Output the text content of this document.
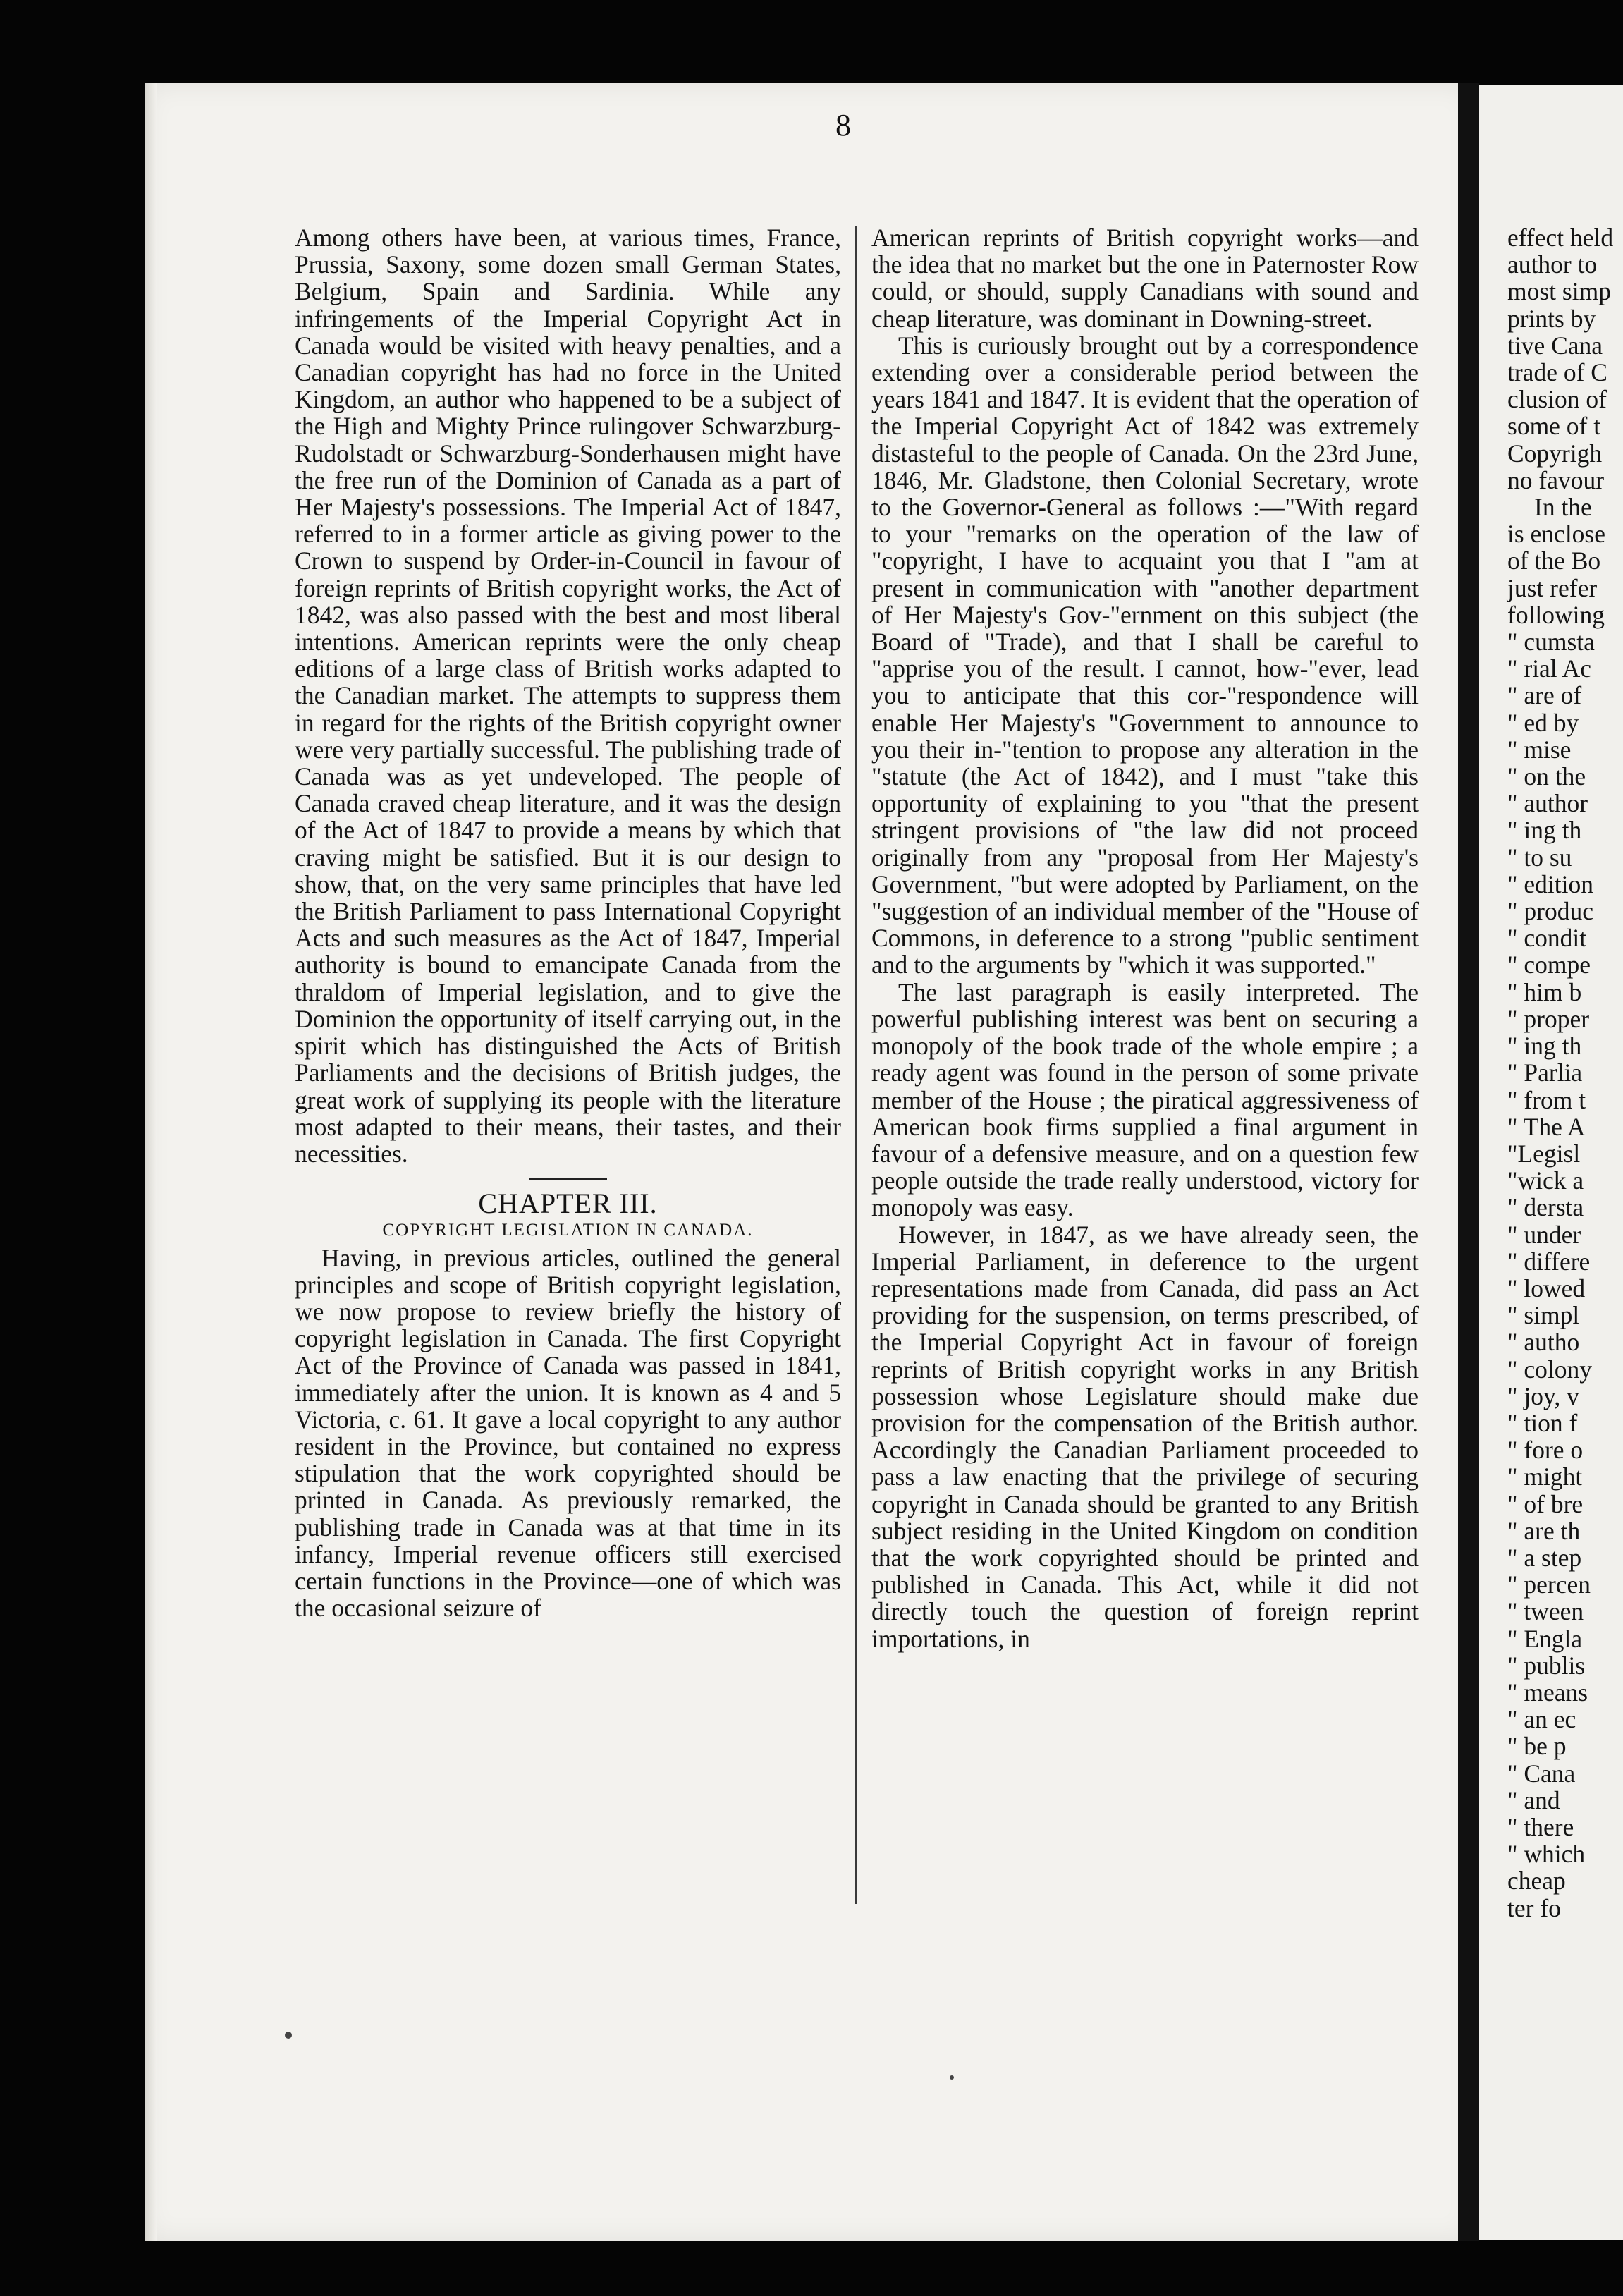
8

Among others have been, at various times, France, Prussia, Saxony, some dozen small German States, Belgium, Spain and Sardinia. While any infringements of the Imperial Copyright Act in Canada would be visited with heavy penalties, and a Canadian copyright has had no force in the United Kingdom, an author who happened to be a subject of the High and Mighty Prince rulingover Schwarzburg-Rudolstadt or Schwarzburg-Sonderhausen might have the free run of the Dominion of Canada as a part of Her Majesty's possessions. The Imperial Act of 1847, referred to in a former article as giving power to the Crown to suspend by Order-in-Council in favour of foreign reprints of British copyright works, the Act of 1842, was also passed with the best and most liberal intentions. American reprints were the only cheap editions of a large class of British works adapted to the Canadian market. The attempts to suppress them in regard for the rights of the British copyright owner were very partially successful. The publishing trade of Canada was as yet undeveloped. The people of Canada craved cheap literature, and it was the design of the Act of 1847 to provide a means by which that craving might be satisfied. But it is our design to show, that, on the very same principles that have led the British Parliament to pass International Copyright Acts and such measures as the Act of 1847, Imperial authority is bound to emancipate Canada from the thraldom of Imperial legislation, and to give the Dominion the opportunity of itself carrying out, in the spirit which has distinguished the Acts of British Parliaments and the decisions of British judges, the great work of supplying its people with the literature most adapted to their means, their tastes, and their necessities.

CHAPTER III.

COPYRIGHT LEGISLATION IN CANADA.

Having, in previous articles, outlined the general principles and scope of British copyright legislation, we now propose to review briefly the history of copyright legislation in Canada. The first Copyright Act of the Province of Canada was passed in 1841, immediately after the union. It is known as 4 and 5 Victoria, c. 61. It gave a local copyright to any author resident in the Province, but contained no express stipulation that the work copyrighted should be printed in Canada. As previously remarked, the publishing trade in Canada was at that time in its infancy, Imperial revenue officers still exercised certain functions in the Province—one of which was the occasional seizure of

American reprints of British copyright works—and the idea that no market but the one in Paternoster Row could, or should, supply Canadians with sound and cheap literature, was dominant in Downing-street.

This is curiously brought out by a correspondence extending over a considerable period between the years 1841 and 1847. It is evident that the operation of the Imperial Copyright Act of 1842 was extremely distasteful to the people of Canada. On the 23rd June, 1846, Mr. Gladstone, then Colonial Secretary, wrote to the Governor-General as follows :—"With regard to your "remarks on the operation of the law of "copyright, I have to acquaint you that I "am at present in communication with "another department of Her Majesty's Gov-"ernment on this subject (the Board of "Trade), and that I shall be careful to "apprise you of the result. I cannot, how-"ever, lead you to anticipate that this cor-"respondence will enable Her Majesty's "Government to announce to you their in-"tention to propose any alteration in the "statute (the Act of 1842), and I must "take this opportunity of explaining to you "that the present stringent provisions of "the law did not proceed originally from any "proposal from Her Majesty's Government, "but were adopted by Parliament, on the "suggestion of an individual member of the "House of Commons, in deference to a strong "public sentiment and to the arguments by "which it was supported."

The last paragraph is easily interpreted. The powerful publishing interest was bent on securing a monopoly of the book trade of the whole empire ; a ready agent was found in the person of some private member of the House ; the piratical aggressiveness of American book firms supplied a final argument in favour of a defensive measure, and on a question few people outside the trade really understood, victory for monopoly was easy.

However, in 1847, as we have already seen, the Imperial Parliament, in deference to the urgent representations made from Canada, did pass an Act providing for the suspension, on terms prescribed, of the Imperial Copyright Act in favour of foreign reprints of British copyright works in any British possession whose Legislature should make due provision for the compensation of the British author. Accordingly the Canadian Parliament proceeded to pass a law enacting that the privilege of securing copyright in Canada should be granted to any British subject residing in the United Kingdom on condition that the work copyrighted should be printed and published in Canada. This Act, while it did not directly touch the question of foreign reprint importations, in

effect held
author to
most simp
prints by
tive Cana
trade of C
clusion of
some of t
Copyrigh
no favour
In the
is enclose
of the Bo
just refer
following
" cumsta
" rial Ac
" are of
" ed by
" mise
" on the
" author
" ing th
" to su
" edition
" produc
" condit
" compe
" him b
" proper
" ing th
" Parlia
" from t
" The A
"Legisl
"wick a
" dersta
" under
" differe
" lowed
" simpl
" autho
" colony
" joy, v
" tion f
" fore o
" might
" of bre
" are th
" a step
" percen
" tween
" Engla
" publis
" means
" an ec
" be p
" Cana
" and
" there
" which
cheap
ter fo
